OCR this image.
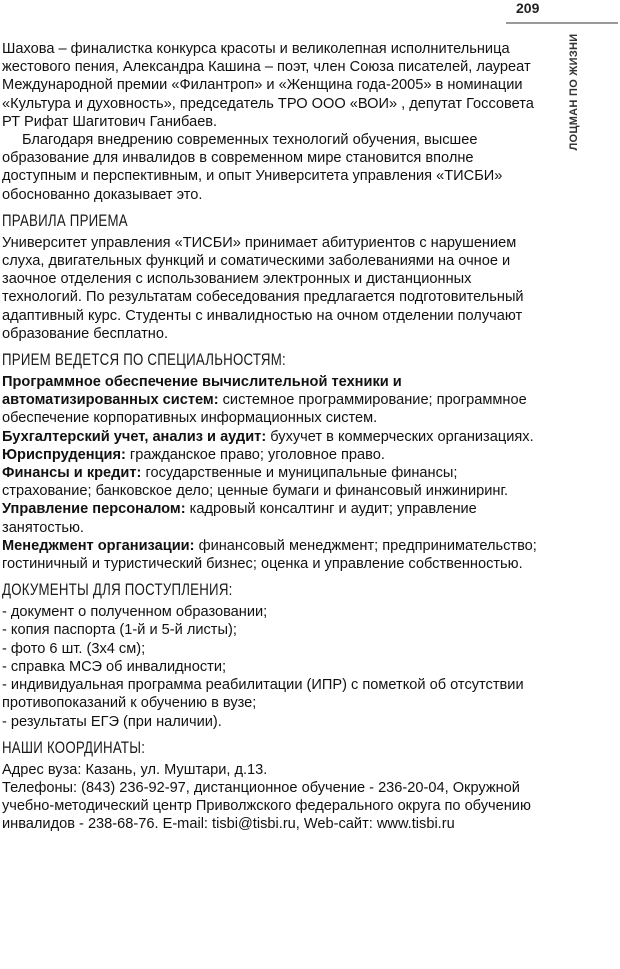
209
ЛОЦМАН ПО ЖИЗНИ

Шахова – финалистка конкурса красоты и великолепная исполнительница жестового пения, Александра Кашина – поэт, член Союза писателей, лауреат Международной премии «Филантроп» и «Женщина года-2005» в номинации «Культура и духовность», председатель ТРО ООО «ВОИ» , депутат Госсовета РТ Рифат Шагитович Ганибаев.

Благодаря внедрению современных технологий обучения, высшее образование для инвалидов в современном мире становится вполне доступным и перспективным, и опыт Университета управления «ТИСБИ» обоснованно доказывает это.

ПРАВИЛА ПРИЕМА

Университет управления «ТИСБИ» принимает абитуриентов с нарушением слуха, двигательных функций и соматическими заболеваниями на очное и заочное отделения с использованием электронных и дистанционных технологий. По результатам собеседования предлагается подготовительный адаптивный курс. Студенты с инвалидностью на очном отделении получают образование бесплатно.

ПРИЕМ ВЕДЕТСЯ ПО СПЕЦИАЛЬНОСТЯМ:

Программное обеспечение вычислительной техники и автоматизированных систем: системное программирование; программное обеспечение корпоративных информационных систем.

Бухгалтерский учет, анализ и аудит: бухучет в коммерческих организациях.

Юриспруденция: гражданское право; уголовное право.

Финансы и кредит: государственные и муниципальные финансы; страхование; банковское дело; ценные бумаги и финансовый инжиниринг.

Управление персоналом: кадровый консалтинг и аудит; управление занятостью.

Менеджмент организации: финансовый менеджмент; предпринимательство; гостиничный и туристический бизнес; оценка и управление собственностью.

ДОКУМЕНТЫ ДЛЯ ПОСТУПЛЕНИЯ:

- документ о полученном образовании;

- копия паспорта (1-й и 5-й листы);

- фото 6 шт. (3х4 см);

- справка МСЭ об инвалидности;

- индивидуальная программа реабилитации (ИПР) с пометкой об отсутствии противопоказаний к обучению в вузе;

- результаты ЕГЭ (при наличии).

НАШИ КООРДИНАТЫ:

Адрес вуза: Казань, ул. Муштари, д.13.

Телефоны: (843) 236-92-97, дистанционное обучение - 236-20-04, Окружной учебно-методический центр Приволжского федерального округа по обучению инвалидов - 238-68-76. E-mail: tisbi@tisbi.ru, Web-сайт: www.tisbi.ru
